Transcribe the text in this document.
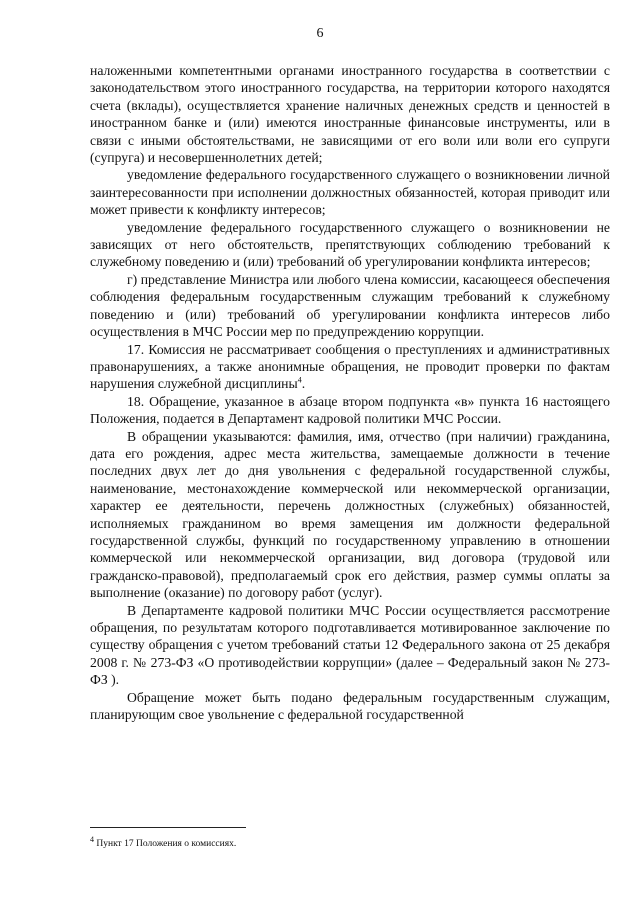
6

наложенными компетентными органами иностранного государства в соответствии с законодательством этого иностранного государства, на территории которого находятся счета (вклады), осуществляется хранение наличных денежных средств и ценностей в иностранном банке и (или) имеются иностранные финансовые инструменты, или в связи с иными обстоятельствами, не зависящими от его воли или воли его супруги (супруга) и несовершеннолетних детей;

уведомление федерального государственного служащего о возникновении личной заинтересованности при исполнении должностных обязанностей, которая приводит или может привести к конфликту интересов;

уведомление федерального государственного служащего о возникновении не зависящих от него обстоятельств, препятствующих соблюдению требований к служебному поведению и (или) требований об урегулировании конфликта интересов;

г) представление Министра или любого члена комиссии, касающееся обеспечения соблюдения федеральным государственным служащим требований к служебному поведению и (или) требований об урегулировании конфликта интересов либо осуществления в МЧС России мер по предупреждению коррупции.

17. Комиссия не рассматривает сообщения о преступлениях и административных правонарушениях, а также анонимные обращения, не проводит проверки по фактам нарушения служебной дисциплины$^4$.

18. Обращение, указанное в абзаце втором подпункта «в» пункта 16 настоящего Положения, подается в Департамент кадровой политики МЧС России.

В обращении указываются: фамилия, имя, отчество (при наличии) гражданина, дата его рождения, адрес места жительства, замещаемые должности в течение последних двух лет до дня увольнения с федеральной государственной службы, наименование, местонахождение коммерческой или некоммерческой организации, характер ее деятельности, перечень должностных (служебных) обязанностей, исполняемых гражданином во время замещения им должности федеральной государственной службы, функций по государственному управлению в отношении коммерческой или некоммерческой организации, вид договора (трудовой или гражданско-правовой), предполагаемый срок его действия, размер суммы оплаты за выполнение (оказание) по договору работ (услуг).

В Департаменте кадровой политики МЧС России осуществляется рассмотрение обращения, по результатам которого подготавливается мотивированное заключение по существу обращения с учетом требований статьи 12 Федерального закона от 25 декабря 2008 г. № 273-ФЗ «О противодействии коррупции» (далее – Федеральный закон № 273-ФЗ ).

Обращение может быть подано федеральным государственным служащим, планирующим свое увольнение с федеральной государственной

$^4$ Пункт 17 Положения о комиссиях.
